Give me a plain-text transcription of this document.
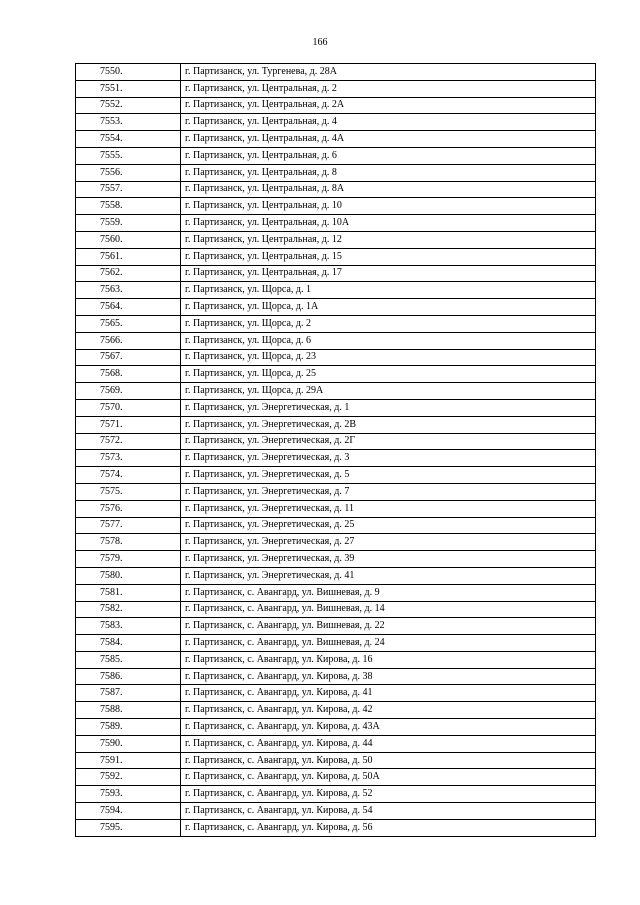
166
7550.	г. Партизанск, ул. Тургенева, д. 28А
7551.	г. Партизанск, ул. Центральная, д. 2
7552.	г. Партизанск, ул. Центральная, д. 2А
7553.	г. Партизанск, ул. Центральная, д. 4
7554.	г. Партизанск, ул. Центральная, д. 4А
7555.	г. Партизанск, ул. Центральная, д. 6
7556.	г. Партизанск, ул. Центральная, д. 8
7557.	г. Партизанск, ул. Центральная, д. 8А
7558.	г. Партизанск, ул. Центральная, д. 10
7559.	г. Партизанск, ул. Центральная, д. 10А
7560.	г. Партизанск, ул. Центральная, д. 12
7561.	г. Партизанск, ул. Центральная, д. 15
7562.	г. Партизанск, ул. Центральная, д. 17
7563.	г. Партизанск, ул. Щорса, д. 1
7564.	г. Партизанск, ул. Щорса, д. 1А
7565.	г. Партизанск, ул. Щорса, д. 2
7566.	г. Партизанск, ул. Щорса, д. 6
7567.	г. Партизанск, ул. Щорса, д. 23
7568.	г. Партизанск, ул. Щорса, д. 25
7569.	г. Партизанск, ул. Щорса, д. 29А
7570.	г. Партизанск, ул. Энергетическая, д. 1
7571.	г. Партизанск, ул. Энергетическая, д. 2В
7572.	г. Партизанск, ул. Энергетическая, д. 2Г
7573.	г. Партизанск, ул. Энергетическая, д. 3
7574.	г. Партизанск, ул. Энергетическая, д. 5
7575.	г. Партизанск, ул. Энергетическая, д. 7
7576.	г. Партизанск, ул. Энергетическая, д. 11
7577.	г. Партизанск, ул. Энергетическая, д. 25
7578.	г. Партизанск, ул. Энергетическая, д. 27
7579.	г. Партизанск, ул. Энергетическая, д. 39
7580.	г. Партизанск, ул. Энергетическая, д. 41
7581.	г. Партизанск, с. Авангард, ул. Вишневая, д. 9
7582.	г. Партизанск, с. Авангард, ул. Вишневая, д. 14
7583.	г. Партизанск, с. Авангард, ул. Вишневая, д. 22
7584.	г. Партизанск, с. Авангард, ул. Вишневая, д. 24
7585.	г. Партизанск, с. Авангард, ул. Кирова, д. 16
7586.	г. Партизанск, с. Авангард, ул. Кирова, д. 38
7587.	г. Партизанск, с. Авангард, ул. Кирова, д. 41
7588.	г. Партизанск, с. Авангард, ул. Кирова, д. 42
7589.	г. Партизанск, с. Авангард, ул. Кирова, д. 43А
7590.	г. Партизанск, с. Авангард, ул. Кирова, д. 44
7591.	г. Партизанск, с. Авангард, ул. Кирова, д. 50
7592.	г. Партизанск, с. Авангард, ул. Кирова, д. 50А
7593.	г. Партизанск, с. Авангард, ул. Кирова, д. 52
7594.	г. Партизанск, с. Авангард, ул. Кирова, д. 54
7595.	г. Партизанск, с. Авангард, ул. Кирова, д. 56
